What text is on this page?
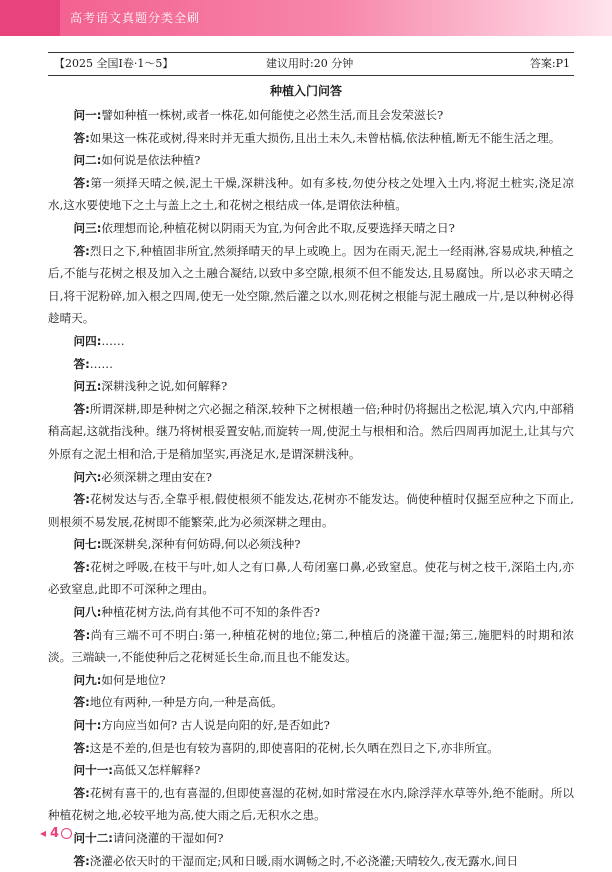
高考语文真题分类全刷
【2025 全国Ⅰ卷·1～5】	建议用时:20 分钟	答案:P1
种植入门问答

问一:譬如种植一株树,或者一株花,如何能使之必然生活,而且会发荣滋长?

答:如果这一株花或树,得来时并无重大损伤,且出土未久,未曾枯槁,依法种植,断无不能生活之理。

问二:如何说是依法种植?

答:第一须择天晴之候,泥土干燥,深耕浅种。如有多枝,勿使分枝之处埋入土内,将泥土桩实,浇足凉水,这水要使地下之土与盖上之土,和花树之根结成一体,是谓依法种植。

问三:依理想而论,种植花树以阴雨天为宜,为何舍此不取,反要选择天晴之日?

答:烈日之下,种植固非所宜,然须择晴天的早上或晚上。因为在雨天,泥土一经雨淋,容易成块,种植之后,不能与花树之根及加入之土融合凝结,以致中多空隙,根须不但不能发达,且易腐蚀。所以必求天晴之日,将干泥粉碎,加入根之四周,使无一处空隙,然后灌之以水,则花树之根能与泥土融成一片,是以种树必得趁晴天。

问四:……

答:……

问五:深耕浅种之说,如何解释?

答:所谓深耕,即是种树之穴必掘之稍深,较种下之树根趟一倍;种时仍将掘出之松泥,填入穴内,中部稍稍高起,这就指浅种。继乃将树根妥置安帖,而旋转一周,使泥土与根相和洽。然后四周再加泥土,让其与穴外原有之泥土相和洽,于是稍加坚实,再浇足水,是谓深耕浅种。

问六:必须深耕之理由安在?

答:花树发达与否,全靠乎根,假使根须不能发达,花树亦不能发达。倘使种植时仅掘至应种之下而止,则根须不易发展,花树即不能繁荣,此为必须深耕之理由。

问七:既深耕矣,深种有何妨碍,何以必须浅种?

答:花树之呼吸,在枝干与叶,如人之有口鼻,人苟闭塞口鼻,必致窒息。使花与树之枝干,深陷土内,亦必致窒息,此即不可深种之理由。

问八:种植花树方法,尚有其他不可不知的条件否?

答:尚有三端不可不明白:第一,种植花树的地位;第二,种植后的浇灌干湿;第三,施肥料的时期和浓淡。三端缺一,不能使种后之花树延长生命,而且也不能发达。

问九:如何是地位?

答:地位有两种,一种是方向,一种是高低。

问十:方向应当如何? 古人说是向阳的好,是否如此?

答:这是不差的,但是也有较为喜阴的,即使喜阳的花树,长久晒在烈日之下,亦非所宜。

问十一:高低又怎样解释?

答:花树有喜干的,也有喜湿的,但即使喜湿的花树,如时常浸在水内,除浮萍水草等外,绝不能耐。所以种植花树之地,必较平地为高,使大雨之后,无积水之患。

问十二:请问浇灌的干湿如何?

答:浇灌必依天时的干湿而定;风和日暖,雨水调畅之时,不必浇灌;天晴较久,夜无露水,间日

◂ 4
